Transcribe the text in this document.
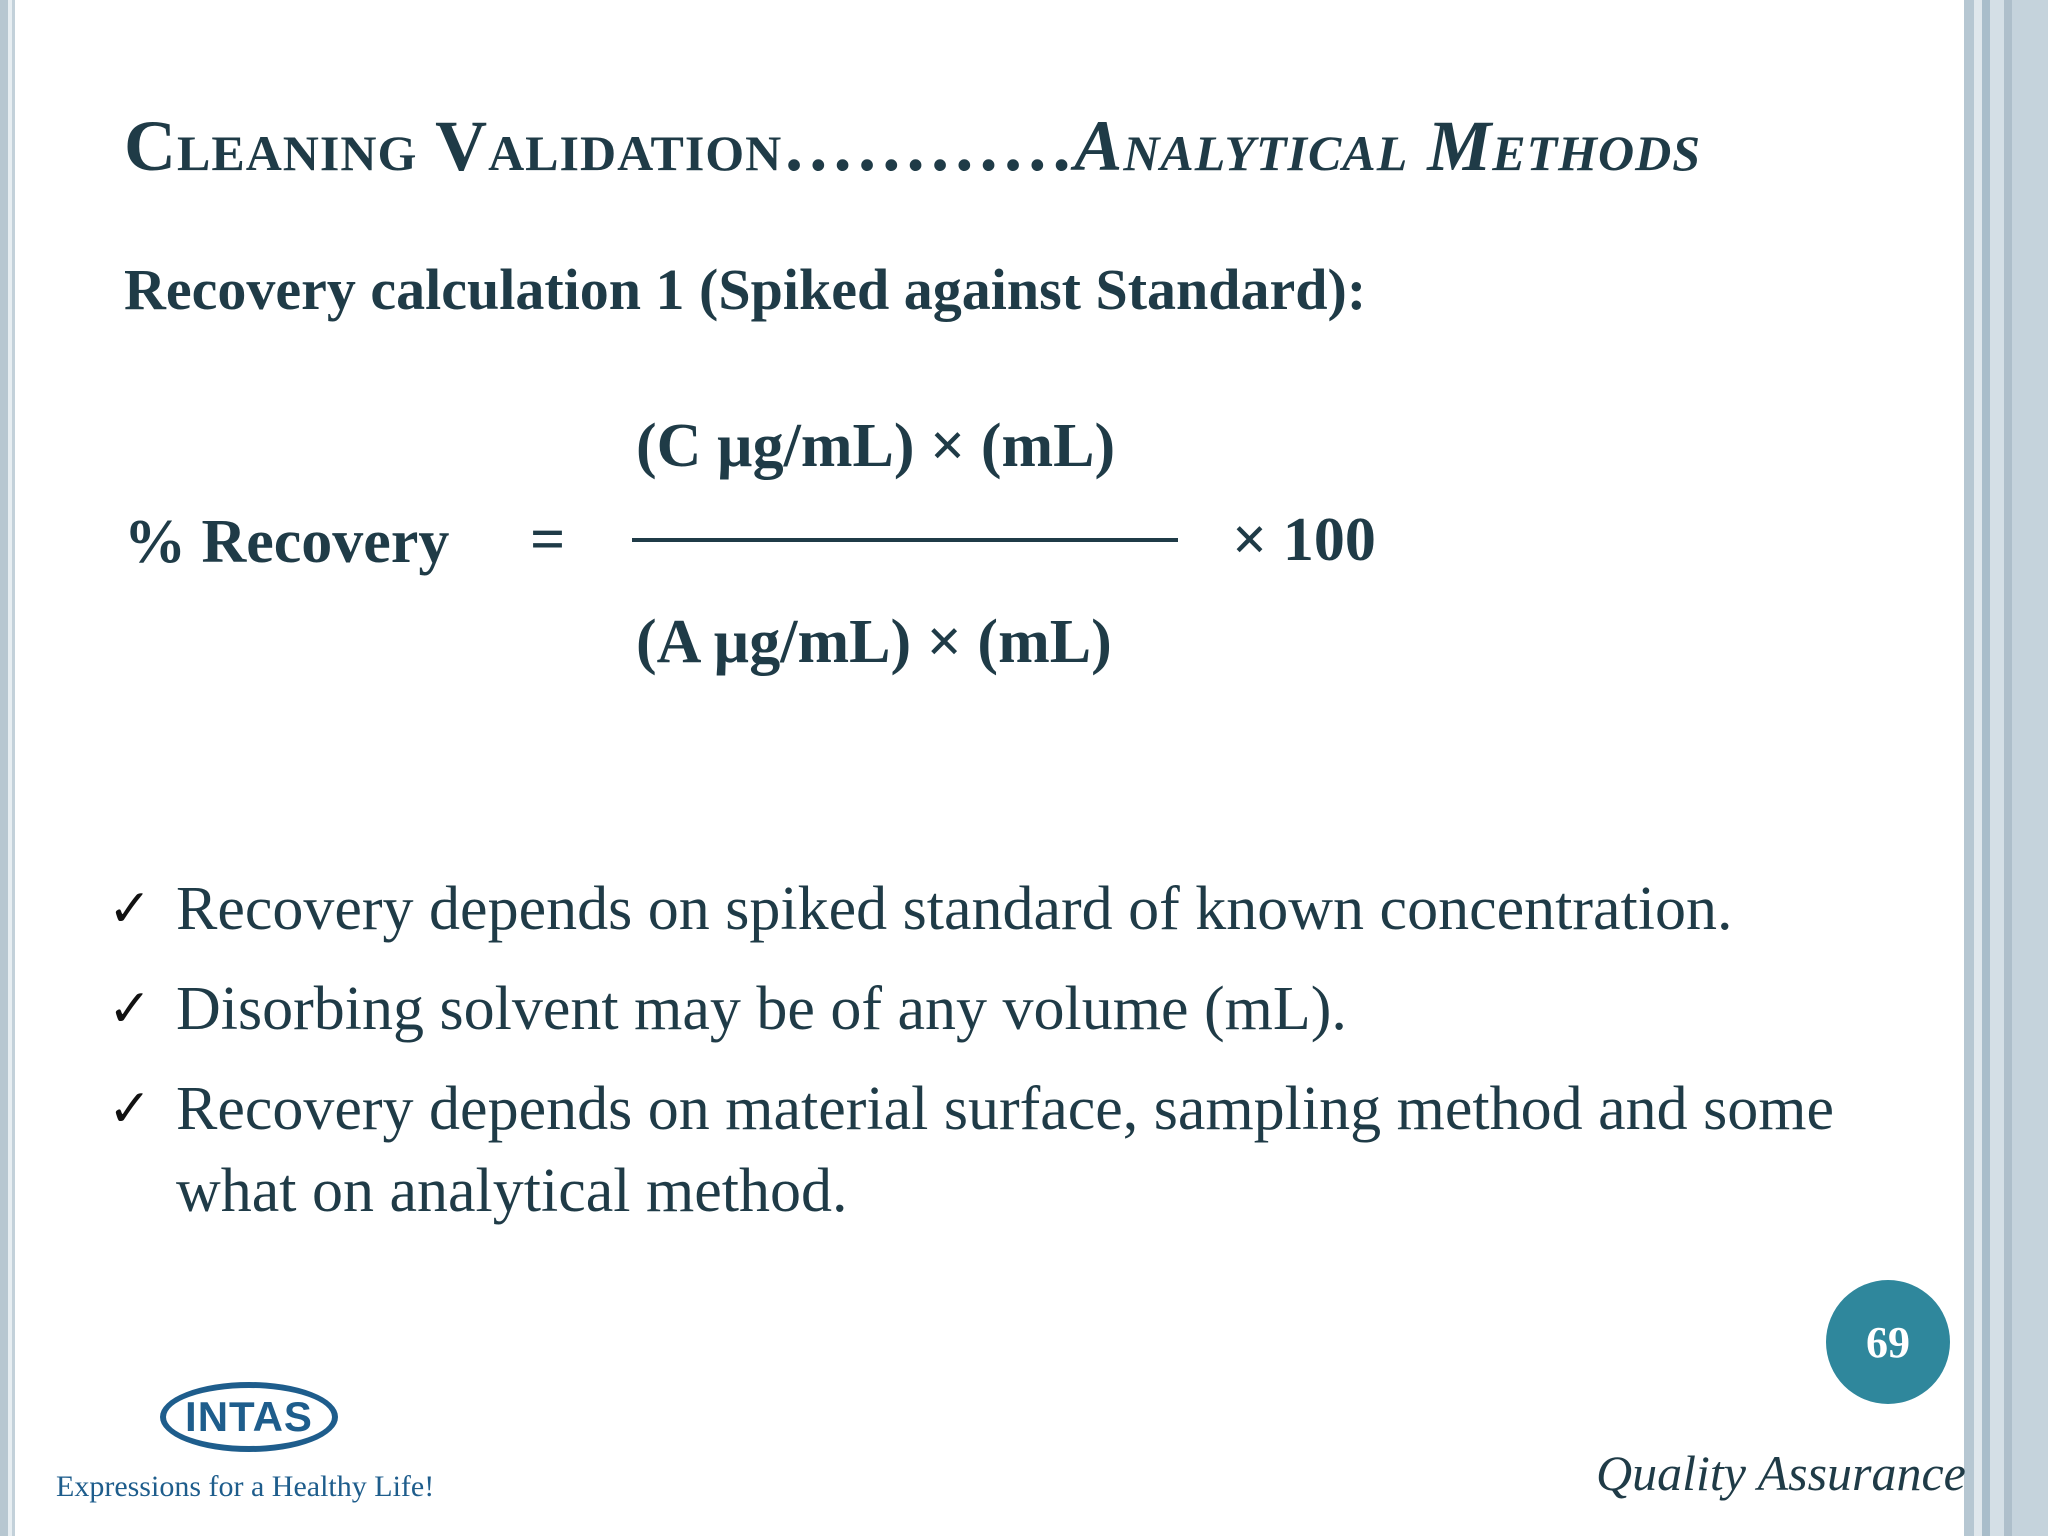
Cleaning Validation…………Analytical Methods
Recovery calculation 1 (Spiked against Standard):
% Recovery =
(C µg/mL) × (mL)
(A µg/mL) × (mL)
× 100
✓ Recovery depends on spiked standard of known concentration.
✓ Disorbing solvent may be of any volume (mL).
✓ Recovery depends on material surface, sampling method and some what on analytical method.
69
INTAS
Expressions for a Healthy Life!	Quality Assurance
